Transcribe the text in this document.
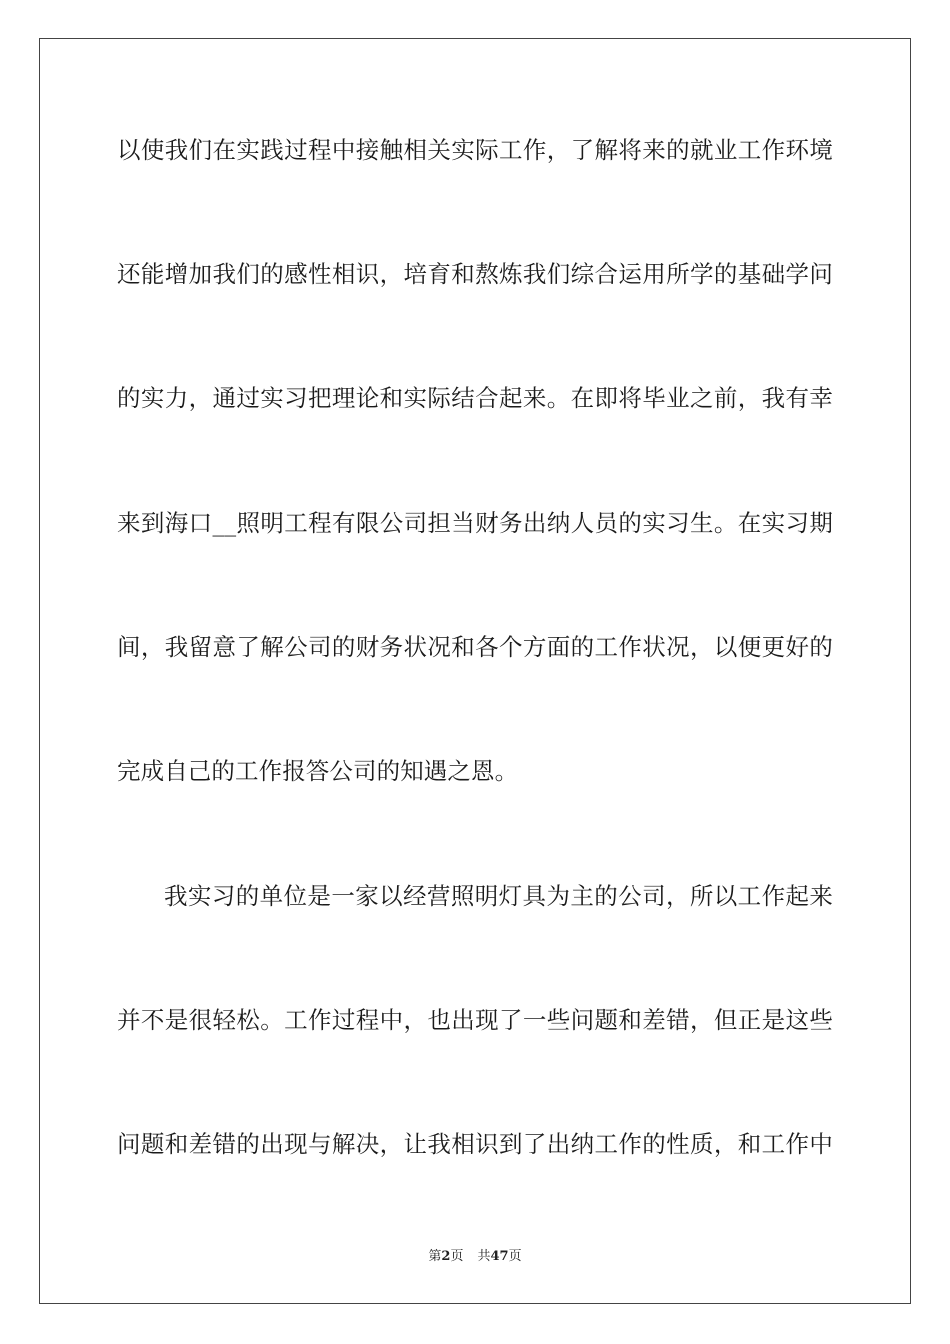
以使我们在实践过程中接触相关实际工作，了解将来的就业工作环境
还能增加我们的感性相识，培育和熬炼我们综合运用所学的基础学问
的实力，通过实习把理论和实际结合起来。在即将毕业之前，我有幸
来到海口__照明工程有限公司担当财务出纳人员的实习生。在实习期
间，我留意了解公司的财务状况和各个方面的工作状况，以便更好的
完成自己的工作报答公司的知遇之恩。
我实习的单位是一家以经营照明灯具为主的公司，所以工作起来
并不是很轻松。工作过程中，也出现了一些问题和差错，但正是这些
问题和差错的出现与解决，让我相识到了出纳工作的性质，和工作中
第2页 共47页
